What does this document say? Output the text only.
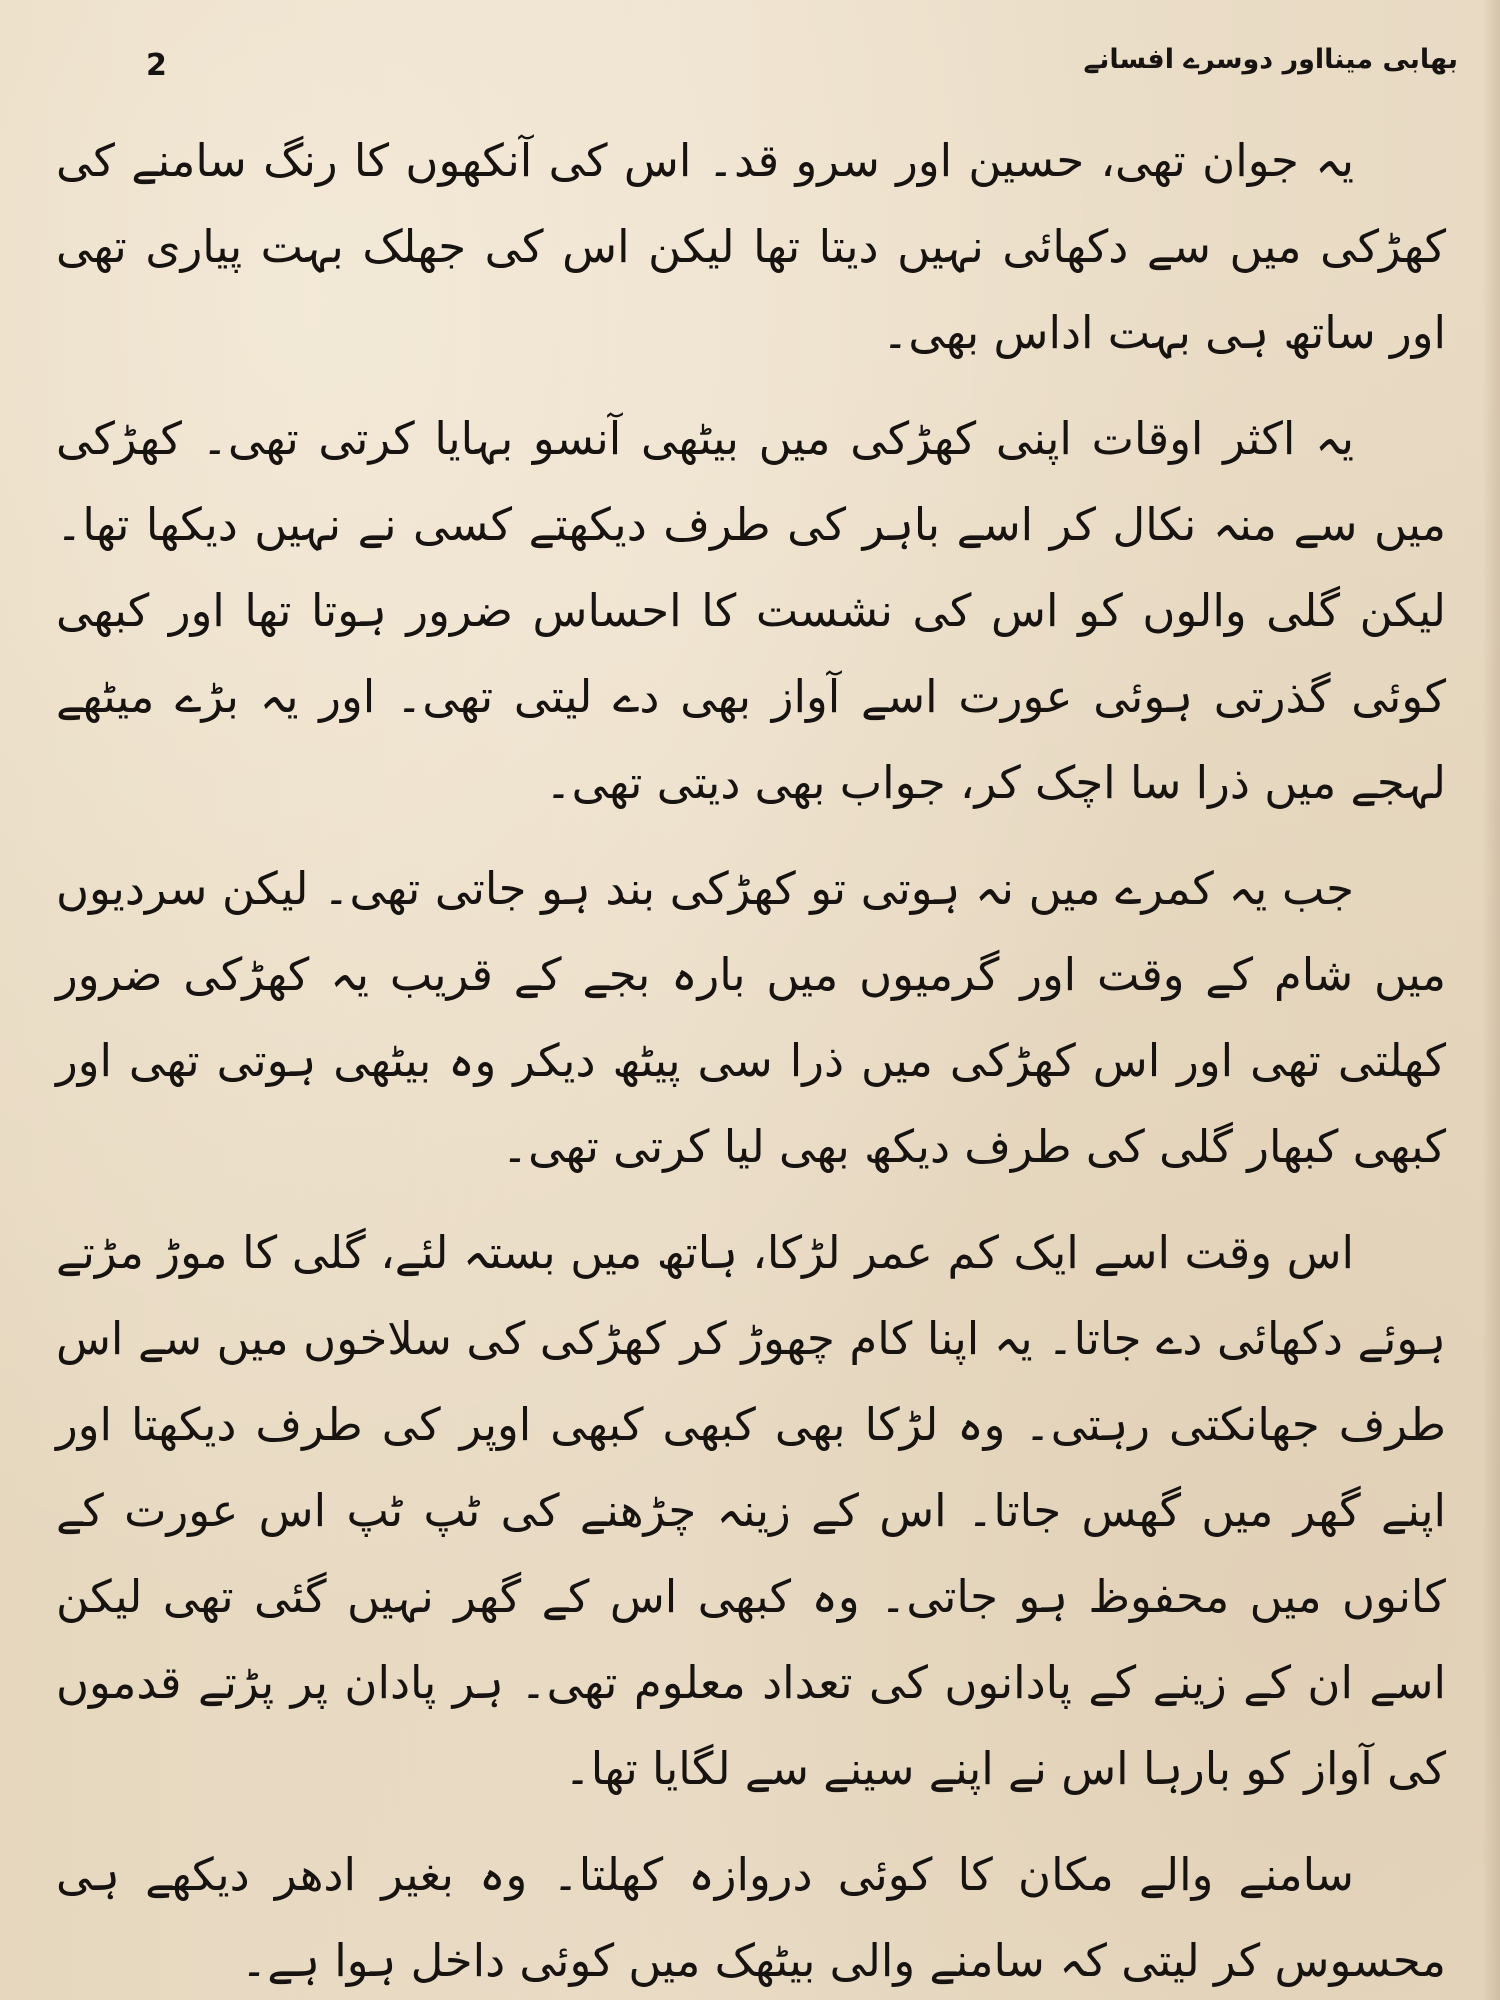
2	بھابی مینااور دوسرے افسانے

یہ جوان تھی، حسین اور سرو قد۔ اس کی آنکھوں کا رنگ سامنے کی کھڑکی میں سے دکھائی نہیں دیتا تھا لیکن اس کی جھلک بہت پیاری تھی اور ساتھ ہی بہت اداس بھی۔

یہ اکثر اوقات اپنی کھڑکی میں بیٹھی آنسو بہایا کرتی تھی۔ کھڑکی میں سے منہ نکال کر اسے باہر کی طرف دیکھتے کسی نے نہیں دیکھا تھا۔ لیکن گلی والوں کو اس کی نشست کا احساس ضرور ہوتا تھا اور کبھی کوئی گذرتی ہوئی عورت اسے آواز بھی دے لیتی تھی۔ اور یہ بڑے میٹھے لہجے میں ذرا سا اچک کر، جواب بھی دیتی تھی۔

جب یہ کمرے میں نہ ہوتی تو کھڑکی بند ہو جاتی تھی۔ لیکن سردیوں میں شام کے وقت اور گرمیوں میں بارہ بجے کے قریب یہ کھڑکی ضرور کھلتی تھی اور اس کھڑکی میں ذرا سی پیٹھ دیکر وہ بیٹھی ہوتی تھی اور کبھی کبھار گلی کی طرف دیکھ بھی لیا کرتی تھی۔

اس وقت اسے ایک کم عمر لڑکا، ہاتھ میں بستہ لئے، گلی کا موڑ مڑتے ہوئے دکھائی دے جاتا۔ یہ اپنا کام چھوڑ کر کھڑکی کی سلاخوں میں سے اس طرف جھانکتی رہتی۔ وہ لڑکا بھی کبھی کبھی اوپر کی طرف دیکھتا اور اپنے گھر میں گھس جاتا۔ اس کے زینہ چڑھنے کی ٹپ ٹپ اس عورت کے کانوں میں محفوظ ہو جاتی۔ وہ کبھی اس کے گھر نہیں گئی تھی لیکن اسے ان کے زینے کے پادانوں کی تعداد معلوم تھی۔ ہر پادان پر پڑتے قدموں کی آواز کو بارہا اس نے اپنے سینے سے لگایا تھا۔

سامنے والے مکان کا کوئی دروازہ کھلتا۔ وہ بغیر ادھر دیکھے ہی محسوس کر لیتی کہ سامنے والی بیٹھک میں کوئی داخل ہوا ہے۔
